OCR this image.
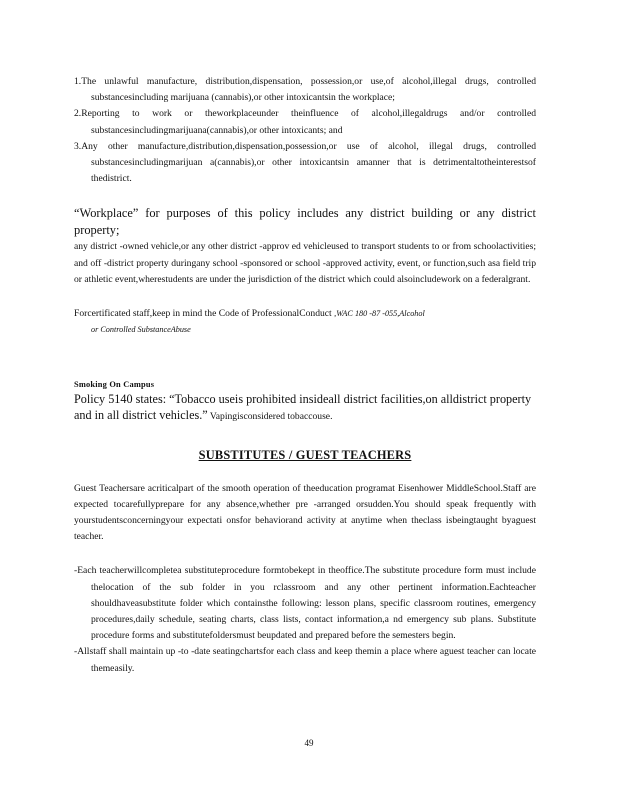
1.The unlawful manufacture, distribution,dispensation, possession,or use,of alcohol,illegal drugs, controlled substancesincluding marijuana (cannabis),or other intoxicantsin the workplace;

2.Reporting to work or theworkplaceunder theinfluence of alcohol,illegaldrugs and/or controlled substancesincludingmarijuana(cannabis),or other intoxicants; and

3.Any other manufacture,distribution,dispensation,possession,or use of alcohol, illegal drugs, controlled substancesincludingmarijuan a(cannabis),or other intoxicantsin amanner that is detrimentaltotheinterestsof thedistrict.

“Workplace” for purposes of this policy includes any district building or any district property;

any district -owned vehicle,or any other district -approv ed vehicleused to transport students to or from schoolactivities; and off -district property duringany school -sponsored or school -approved activity, event, or function,such asa field trip or athletic event,wherestudents are under the jurisdiction of the district which could alsoincludework on a federalgrant.

Forcertificated staff,keep in mind the Code of ProfessionalConduct ,WAC 180 -87 -055,Alcohol

or Controlled SubstanceAbuse

Smoking On Campus

Policy 5140 states: “Tobacco useis prohibited insideall district facilities,on alldistrict property

and in all district vehicles.” Vapingisconsidered tobaccouse.

SUBSTITUTES / GUEST TEACHERS

Guest Teachersare acriticalpart of the smooth operation of theeducation programat Eisenhower MiddleSchool.Staff are expected tocarefullyprepare for any absence,whether pre -arranged orsudden.You should speak frequently with yourstudentsconcerningyour expectati onsfor behaviorand activity at anytime when theclass isbeingtaught byaguest teacher.

-Each teacherwillcompletea substituteprocedure formtobekept in theoffice.The substitute procedure form must include thelocation of the sub folder in you rclassroom and any other pertinent information.Eachteacher shouldhaveasubstitute folder which containsthe following: lesson plans, specific classroom routines, emergency procedures,daily schedule, seating charts, class lists, contact information,a nd emergency sub plans. Substitute procedure forms and substitutefoldersmust beupdated and prepared before the semesters begin.

-Allstaff shall maintain up -to -date seatingchartsfor each class and keep themin a place where aguest teacher can locate themeasily.

49
